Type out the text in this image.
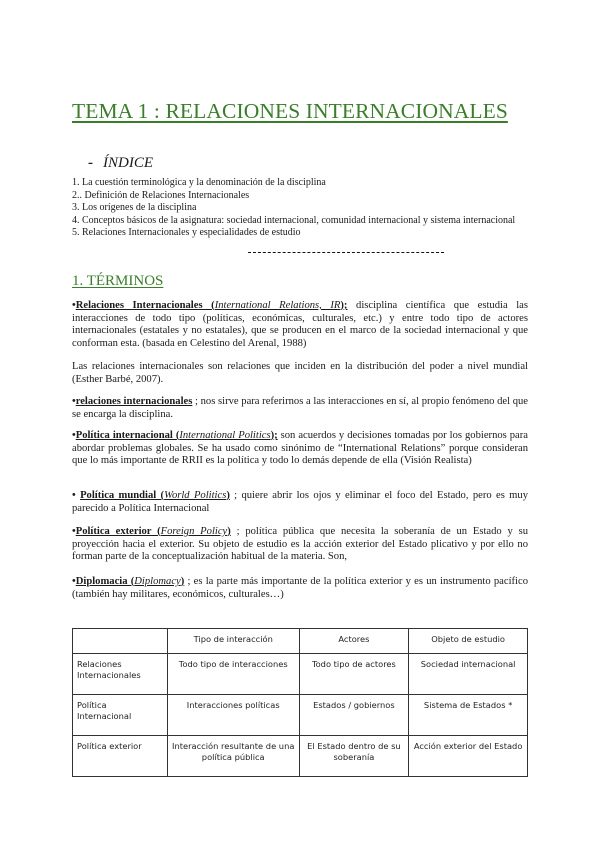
TEMA 1 : RELACIONES INTERNACIONALES
- ÍNDICE
1. La cuestión terminológica y la denominación de la disciplina
2.. Definición de Relaciones Internacionales
3. Los orígenes de la disciplina
4. Conceptos básicos de la asignatura: sociedad internacional, comunidad internacional y sistema internacional
5. Relaciones Internacionales y especialidades de estudio
1. TÉRMINOS

•Relaciones Internacionales (International Relations, IR); disciplina científica que estudia las interacciones de todo tipo (políticas, económicas, culturales, etc.) y entre todo tipo de actores internacionales (estatales y no estatales), que se producen en el marco de la sociedad internacional y que conforman esta. (basada en Celestino del Arenal, 1988)

Las relaciones internacionales son relaciones que inciden en la distribución del poder a nivel mundial (Esther Barbé, 2007).

•relaciones internacionales ; nos sirve para referirnos a las interacciones en sí, al propio fenómeno del que se encarga la disciplina.

•Política internacional (International Politics); son acuerdos y decisiones tomadas por los gobiernos para abordar problemas globales. Se ha usado como sinónimo de “International Relations” porque consideran que lo más importante de RRII es la política y todo lo demás depende de ella (Visión Realista)

• Política mundial (World Politics) ; quiere abrir los ojos y eliminar el foco del Estado, pero es muy parecido a Política Internacional

•Política exterior (Foreign Policy) ; política pública que necesita la soberanía de un Estado y su proyección hacia el exterior. Su objeto de estudio es la acción exterior del Estado plicativo y por ello no forman parte de la conceptualización habitual de la materia. Son,

•Diplomacia (Diplomacy) ; es la parte más importante de la política exterior y es un instrumento pacífico (también hay militares, económicos, culturales…)

	Tipo de interacción	Actores	Objeto de estudio
Relaciones Internacionales	Todo tipo de interacciones	Todo tipo de actores	Sociedad internacional
Política Internacional	Interacciones políticas	Estados / gobiernos	Sistema de Estados *
Política exterior	Interacción resultante de una política pública	El Estado dentro de su soberanía	Acción exterior del Estado
